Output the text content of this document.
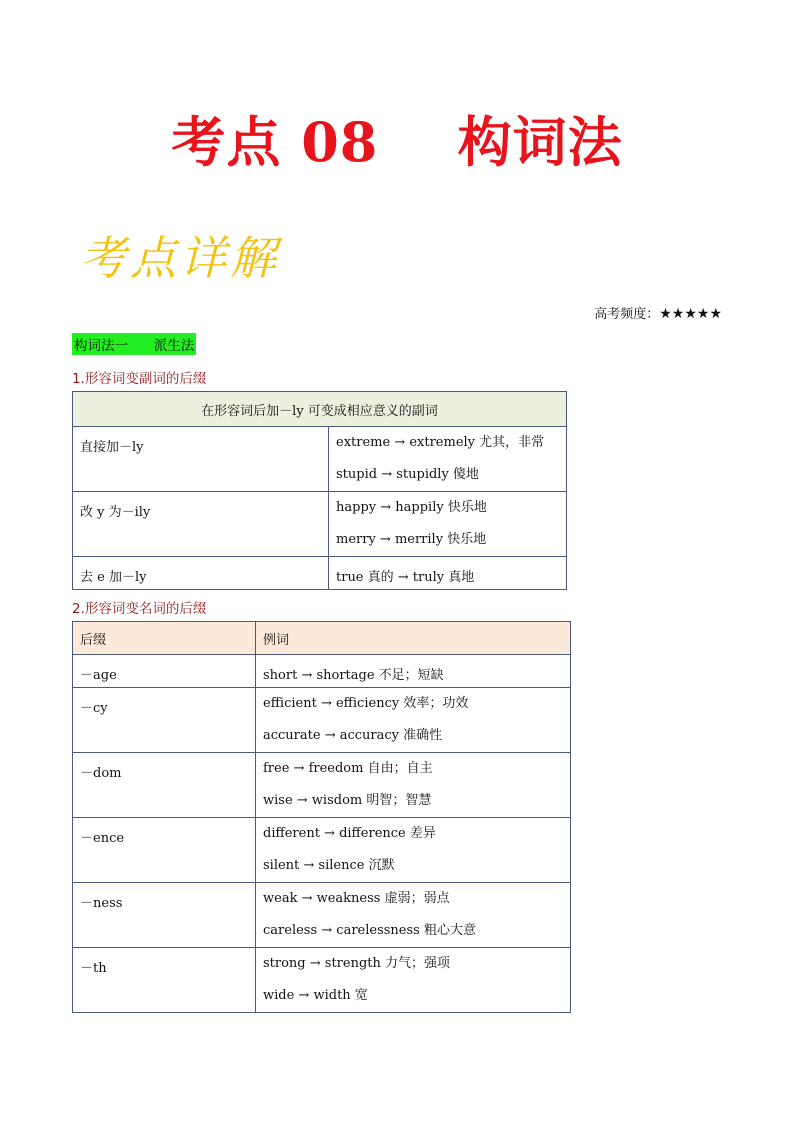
考点 08    构词法
考点详解
高考频度：★★★★★
构词法一      派生法
1.形容词变副词的后缀
在形容词后加－ly 可变成相应意义的副词	
直接加－ly	extreme → extremely 尤其，非常
stupid → stupidly 傻地

改 y 为－ily	happy → happily 快乐地
merry → merrily 快乐地

去 e 加－ly	true 真的 → truly 真地
2.形容词变名词的后缀
后缀	例词
－age	short → shortage 不足；短缺

－cy	efficient → efficiency 效率；功效
accurate → accuracy 准确性

－dom	free → freedom 自由；自主
wise → wisdom 明智；智慧

－ence	different → difference 差异
silent → silence 沉默

－ness	weak → weakness 虚弱；弱点
careless → carelessness 粗心大意

－th	strong → strength 力气；强项
wide → width 宽
